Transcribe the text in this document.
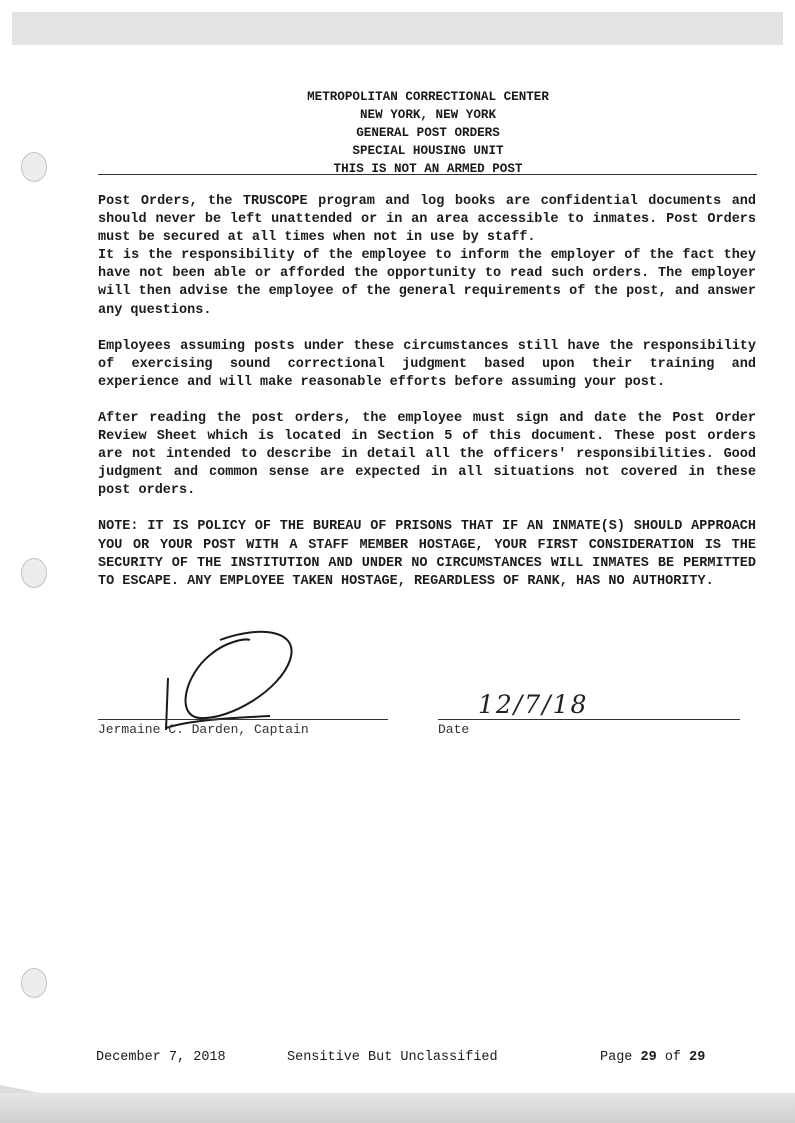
METROPOLITAN CORRECTIONAL CENTER
NEW YORK, NEW YORK
GENERAL POST ORDERS
SPECIAL HOUSING UNIT
THIS IS NOT AN ARMED POST

Post Orders, the TRUSCOPE program and log books are confidential documents and should never be left unattended or in an area accessible to inmates. Post Orders must be secured at all times when not in use by staff.

It is the responsibility of the employee to inform the employer of the fact they have not been able or afforded the opportunity to read such orders. The employer will then advise the employee of the general requirements of the post, and answer any questions.

Employees assuming posts under these circumstances still have the responsibility of exercising sound correctional judgment based upon their training and experience and will make reasonable efforts before assuming your post.

After reading the post orders, the employee must sign and date the Post Order Review Sheet which is located in Section 5 of this document. These post orders are not intended to describe in detail all the officers' responsibilities. Good judgment and common sense are expected in all situations not covered in these post orders.

NOTE: IT IS POLICY OF THE BUREAU OF PRISONS THAT IF AN INMATE(S) SHOULD APPROACH YOU OR YOUR POST WITH A STAFF MEMBER HOSTAGE, YOUR FIRST CONSIDERATION IS THE SECURITY OF THE INSTITUTION AND UNDER NO CIRCUMSTANCES WILL INMATES BE PERMITTED TO ESCAPE. ANY EMPLOYEE TAKEN HOSTAGE, REGARDLESS OF RANK, HAS NO AUTHORITY.

Jermaine C. Darden, Captain
12/7/18
Date
December 7, 2018	Sensitive But Unclassified	Page 29 of 29
